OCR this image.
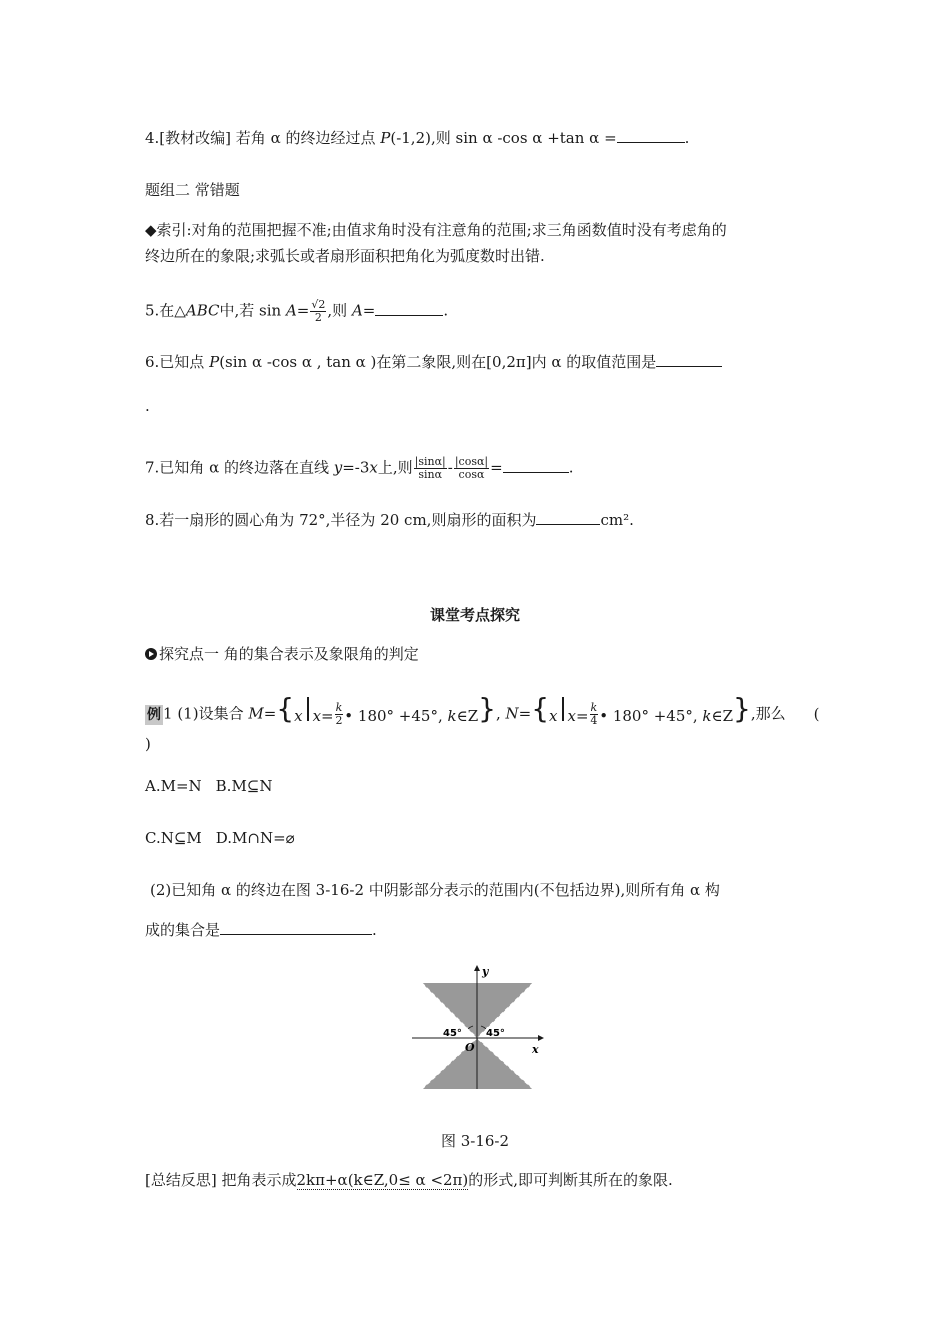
4.[教材改编] 若角 α 的终边经过点 P(-1,2),则 sin α -cos α +tan α =	.
题组二 常错题
◆索引:对角的范围把握不准;由值求角时没有注意角的范围;求三角函数值时没有考虑角的
终边所在的象限;求弧长或者扇形面积把角化为弧度数时出错.
5.在△ABC中,若 $\sin A= \frac{√2}{2}$ ,则 A=	.
6.已知点 P(sin α -cos α , tan α )在第二象限,则在[0,2π]内 α 的取值范围是
.
7.已知角 α 的终边落在直线 y=-3x上,则 $\frac{|\sin\alpha|}{\sin\alpha} - \frac{|\cos\alpha|}{\cos\alpha}$ =	.
8.若一扇形的圆心角为 72°,半径为 20 cm,则扇形的面积为	cm².
课堂考点探究
探究点一 角的集合表示及象限角的判定
例 1 (1)设集合 M={x $x= \frac{k}{2}$ • 180° +45°, k∈Z}, N={x $x= \frac{k}{4}$ • 180° +45°, k∈Z},那么 (
)
A.M=N B.M⊆N
C.N⊆M D.M∩N=⌀
(2)已知角 α 的终边在图 3-16-2 中阴影部分表示的范围内(不包括边界),则所有角 α 构
成的集合是	.
y
x
O
45° 45°
图 3-16-2
[总结反思] 把角表示成2kπ+α(k∈Z,0≤ α <2π)的形式,即可判断其所在的象限.
